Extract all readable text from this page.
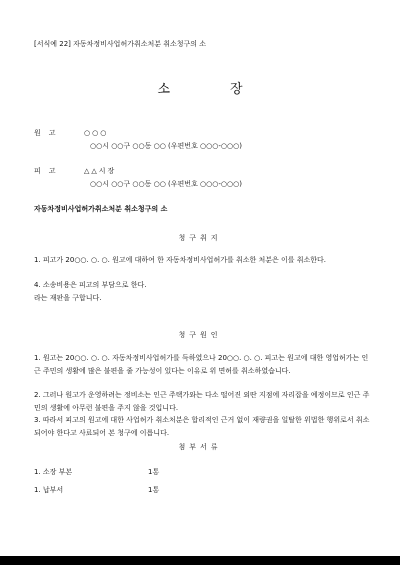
[서식예 22] 자동차정비사업허가취소처분 취소청구의 소
소장
원고	○○○
○○시 ○○구 ○○동 ○○ (우편번호 ○○○-○○○)
피고	△△시장
○○시 ○○구 ○○동 ○○ (우편번호 ○○○-○○○)
자동차정비사업허가취소처분 취소청구의 소
청구취지
1. 피고가 20○○. ○. ○. 원고에 대하여 한 자동차정비사업허가를 취소한 처분은 이를 취소한다.
4. 소송비용은 피고의 부담으로 한다.
라는 재판을 구합니다.
청구원인
1. 원고는 20○○. ○. ○. 자동차정비사업허가를 득하였으나 20○○. ○. ○. 피고는 원고에 대한 영업허가는 인근 주민의 생활에 많은 불편을 줄 가능성이 있다는 이유로 위 면허를 취소하였습니다.
2. 그러나 원고가 운영하려는 정비소는 인근 주택가와는 다소 떨어진 외딴 지점에 자리잡을 예정이므로 인근 주민의 생활에 아무런 불편을 주지 않을 것입니다.
3. 따라서 피고의 원고에 대한 사업허가 취소처분은 합리적인 근거 없이 재량권을 일탈한 위법한 행위로서 취소되어야 한다고 사료되어 본 청구에 이릅니다.
첨부서류
1. 소장 부본	1통
1. 납부서	1통
